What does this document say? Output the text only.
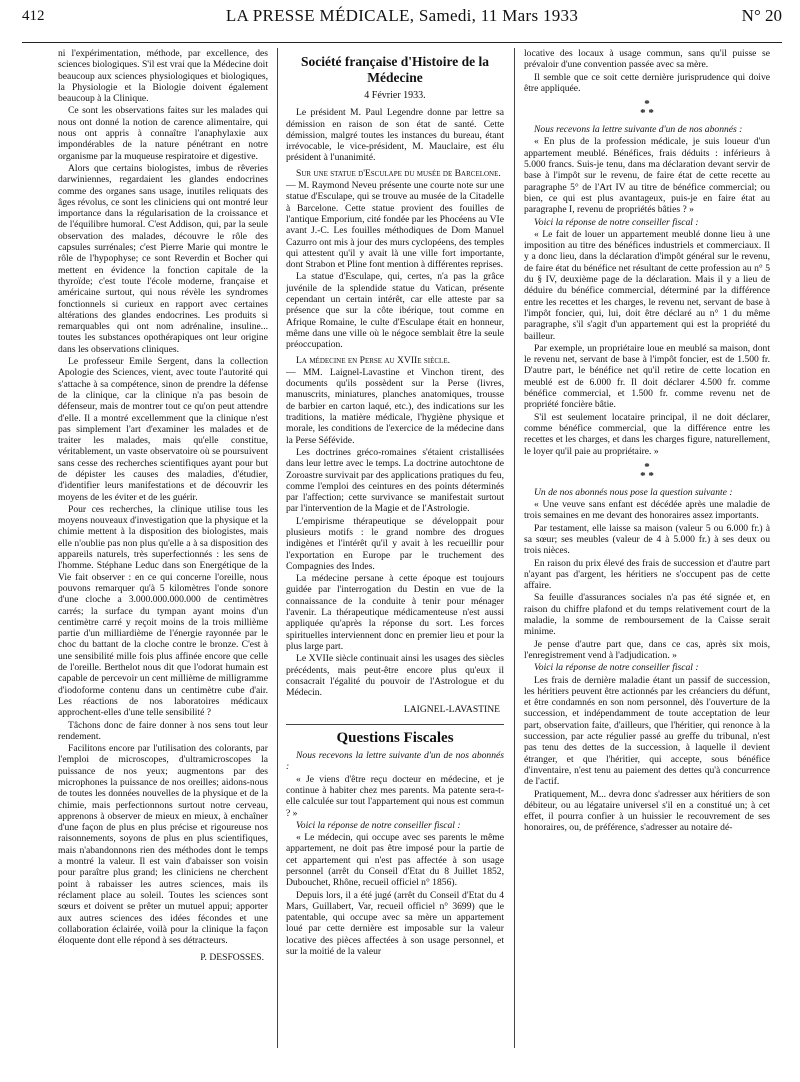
412	LA PRESSE MÉDICALE, Samedi, 11 Mars 1933	N° 20

ni l'expérimentation, méthode, par excellence, des sciences biologiques. S'il est vrai que la Médecine doit beaucoup aux sciences physiologiques et biologiques, la Physiologie et la Biologie doivent également beaucoup à la Clinique.

Ce sont les observations faites sur les malades qui nous ont donné la notion de carence alimentaire, qui nous ont appris à connaître l'anaphylaxie aux impondérables de la nature pénétrant en notre organisme par la muqueuse respiratoire et digestive.

Alors que certains biologistes, imbus de rêveries darwiniennes, regardaient les glandes endocrines comme des organes sans usage, inutiles reliquats des âges révolus, ce sont les cliniciens qui ont montré leur importance dans la régularisation de la croissance et de l'équilibre humoral. C'est Addison, qui, par la seule observation des malades, découvre le rôle des capsules surrénales; c'est Pierre Marie qui montre le rôle de l'hypophyse; ce sont Reverdin et Bocher qui mettent en évidence la fonction capitale de la thyroïde; c'est toute l'école moderne, française et américaine surtout, qui nous révèle les syndromes fonctionnels si curieux en rapport avec certaines altérations des glandes endocrines. Les produits si remarquables qui ont nom adrénaline, insuline... toutes les substances opothérapiques ont leur origine dans les observations cliniques.

Le professeur Emile Sergent, dans la collection Apologie des Sciences, vient, avec toute l'autorité qui s'attache à sa compétence, sinon de prendre la défense de la clinique, car la clinique n'a pas besoin de défenseur, mais de montrer tout ce qu'on peut attendre d'elle. Il a montré excellemment que la clinique n'est pas simplement l'art d'examiner les malades et de traiter les malades, mais qu'elle constitue, véritablement, un vaste observatoire où se poursuivent sans cesse des recherches scientifiques ayant pour but de dépister les causes des maladies, d'étudier, d'identifier leurs manifestations et de découvrir les moyens de les éviter et de les guérir.

Pour ces recherches, la clinique utilise tous les moyens nouveaux d'investigation que la physique et la chimie mettent à la disposition des biologistes, mais elle n'oublie pas non plus qu'elle a à sa disposition des appareils naturels, très superfectionnés : les sens de l'homme. Stéphane Leduc dans son Energétique de la Vie fait observer : en ce qui concerne l'oreille, nous pouvons remarquer qu'à 5 kilomètres l'onde sonore d'une cloche a 3.000.000.000.000 de centimètres carrés; la surface du tympan ayant moins d'un centimètre carré y reçoit moins de la trois millième partie d'un milliardième de l'énergie rayonnée par le choc du battant de la cloche contre le bronze. C'est à une sensibilité mille fois plus affinée encore que celle de l'oreille. Berthelot nous dit que l'odorat humain est capable de percevoir un cent millième de milligramme d'iodoforme contenu dans un centimètre cube d'air. Les réactions de nos laboratoires médicaux approchent-elles d'une telle sensibilité ?

Tâchons donc de faire donner à nos sens tout leur rendement.

Facilitons encore par l'utilisation des colorants, par l'emploi de microscopes, d'ultramicroscopes la puissance de nos yeux; augmentons par des microphones la puissance de nos oreilles; aidons-nous de toutes les données nouvelles de la physique et de la chimie, mais perfectionnons surtout notre cerveau, apprenons à observer de mieux en mieux, à enchaîner d'une façon de plus en plus précise et rigoureuse nos raisonnements, soyons de plus en plus scientifiques, mais n'abandonnons rien des méthodes dont le temps a montré la valeur. Il est vain d'abaisser son voisin pour paraître plus grand; les cliniciens ne cherchent point à rabaisser les autres sciences, mais ils réclament place au soleil. Toutes les sciences sont sœurs et doivent se prêter un mutuel appui; apporter aux autres sciences des idées fécondes et une collaboration éclairée, voilà pour la clinique la façon éloquente dont elle répond à ses détracteurs.

P. DESFOSSES.

Société française d'Histoire de la Médecine
4 Février 1933.

Le président M. Paul Legendre donne par lettre sa démission en raison de son état de santé. Cette démission, malgré toutes les instances du bureau, étant irrévocable, le vice-président, M. Mauclaire, est élu président à l'unanimité.

Sur une statue d'Esculape du musée de Barcelone.

— M. Raymond Neveu présente une courte note sur une statue d'Esculape, qui se trouve au musée de la Citadelle à Barcelone. Cette statue provient des fouilles de l'antique Emporium, cité fondée par les Phocéens au VIe avant J.-C. Les fouilles méthodiques de Dom Manuel Cazurro ont mis à jour des murs cyclopéens, des temples qui attestent qu'il y avait là une ville fort importante, dont Strabon et Pline font mention à différentes reprises.

La statue d'Esculape, qui, certes, n'a pas la grâce juvénile de la splendide statue du Vatican, présente cependant un certain intérêt, car elle atteste par sa présence que sur la côte ibérique, tout comme en Afrique Romaine, le culte d'Esculape était en honneur, même dans une ville où le négoce semblait être la seule préoccupation.

La médecine en Perse au XVIIe siècle.

— MM. Laignel-Lavastine et Vinchon tirent, des documents qu'ils possèdent sur la Perse (livres, manuscrits, miniatures, planches anatomiques, trousse de barbier en carton laqué, etc.), des indications sur les traditions, la matière médicale, l'hygiène physique et morale, les conditions de l'exercice de la médecine dans la Perse Séfévide.

Les doctrines gréco-romaines s'étaient cristallisées dans leur lettre avec le temps. La doctrine autochtone de Zoroastre survivait par des applications pratiques du feu, comme l'emploi des ceintures en des points déterminés par l'affection; cette survivance se manifestait surtout par l'intervention de la Magie et de l'Astrologie.

L'empirisme thérapeutique se développait pour plusieurs motifs : le grand nombre des drogues indigènes et l'intérêt qu'il y avait à les recueillir pour l'exportation en Europe par le truchement des Compagnies des Indes.

La médecine persane à cette époque est toujours guidée par l'interrogation du Destin en vue de la connaissance de la conduite à tenir pour ménager l'avenir. La thérapeutique médicamenteuse n'est aussi appliquée qu'après la réponse du sort. Les forces spirituelles interviennent donc en premier lieu et pour la plus large part.

Le XVIIe siècle continuait ainsi les usages des siècles précédents, mais peut-être encore plus qu'eux il consacrait l'égalité du pouvoir de l'Astrologue et du Médecin.

LAIGNEL-LAVASTINE

Questions Fiscales

Nous recevons la lettre suivante d'un de nos abonnés :

« Je viens d'être reçu docteur en médecine, et je continue à habiter chez mes parents. Ma patente sera-t-elle calculée sur tout l'appartement qui nous est commun ? »

Voici la réponse de notre conseiller fiscal :

« Le médecin, qui occupe avec ses parents le même appartement, ne doit pas être imposé pour la partie de cet appartement qui n'est pas affectée à son usage personnel (arrêt du Conseil d'Etat du 8 Juillet 1852, Dubouchet, Rhône, recueil officiel n° 1856).

Depuis lors, il a été jugé (arrêt du Conseil d'Etat du 4 Mars, Guillabert, Var, recueil officiel n° 3699) que le patentable, qui occupe avec sa mère un appartement loué par cette dernière est imposable sur la valeur locative des pièces affectées à son usage personnel, et sur la moitié de la valeur

locative des locaux à usage commun, sans qu'il puisse se prévaloir d'une convention passée avec sa mère.

Il semble que ce soit cette dernière jurisprudence qui doive être appliquée.

*
* *

Nous recevons la lettre suivante d'un de nos abonnés :

« En plus de la profession médicale, je suis loueur d'un appartement meublé. Bénéfices, frais déduits : inférieurs à 5.000 francs. Suis-je tenu, dans ma déclaration devant servir de base à l'impôt sur le revenu, de faire état de cette recette au paragraphe 5° de l'Art IV au titre de bénéfice commercial; ou bien, ce qui est plus avantageux, puis-je en faire état au paragraphe I, revenu de propriétés bâties ? »

Voici la réponse de notre conseiller fiscal :

« Le fait de louer un appartement meublé donne lieu à une imposition au titre des bénéfices industriels et commerciaux. Il y a donc lieu, dans la déclaration d'impôt général sur le revenu, de faire état du bénéfice net résultant de cette profession au n° 5 du § IV, deuxième page de la déclaration. Mais il y a lieu de déduire du bénéfice commercial, déterminé par la différence entre les recettes et les charges, le revenu net, servant de base à l'impôt foncier, qui, lui, doit être déclaré au n° 1 du même paragraphe, s'il s'agit d'un appartement qui est la propriété du bailleur.

Par exemple, un propriétaire loue en meublé sa maison, dont le revenu net, servant de base à l'impôt foncier, est de 1.500 fr. D'autre part, le bénéfice net qu'il retire de cette location en meublé est de 6.000 fr. Il doit déclarer 4.500 fr. comme bénéfice commercial, et 1.500 fr. comme revenu net de propriété foncière bâtie.

S'il est seulement locataire principal, il ne doit déclarer, comme bénéfice commercial, que la différence entre les recettes et les charges, et dans les charges figure, naturellement, le loyer qu'il paie au propriétaire. »

*
* *

Un de nos abonnés nous pose la question suivante :

« Une veuve sans enfant est décédée après une maladie de trois semaines en me devant des honoraires assez importants.

Par testament, elle laisse sa maison (valeur 5 ou 6.000 fr.) à sa sœur; ses meubles (valeur de 4 à 5.000 fr.) à ses deux ou trois nièces.

En raison du prix élevé des frais de succession et d'autre part n'ayant pas d'argent, les héritiers ne s'occupent pas de cette affaire.

Sa feuille d'assurances sociales n'a pas été signée et, en raison du chiffre plafond et du temps relativement court de la maladie, la somme de remboursement de la Caisse serait minime.

Je pense d'autre part que, dans ce cas, après six mois, l'enregistrement vend à l'adjudication. »

Voici la réponse de notre conseiller fiscal :

Les frais de dernière maladie étant un passif de succession, les héritiers peuvent être actionnés par les créanciers du défunt, et être condamnés en son nom personnel, dès l'ouverture de la succession, et indépendamment de toute acceptation de leur part, observation faite, d'ailleurs, que l'héritier, qui renonce à la succession, par acte régulier passé au greffe du tribunal, n'est pas tenu des dettes de la succession, à laquelle il devient étranger, et que l'héritier, qui accepte, sous bénéfice d'inventaire, n'est tenu au paiement des dettes qu'à concurrence de l'actif.

Pratiquement, M... devra donc s'adresser aux héritiers de son débiteur, ou au légataire universel s'il en a constitué un; à cet effet, il pourra confier à un huissier le recouvrement de ses honoraires, ou, de préférence, s'adresser au notaire dé-
